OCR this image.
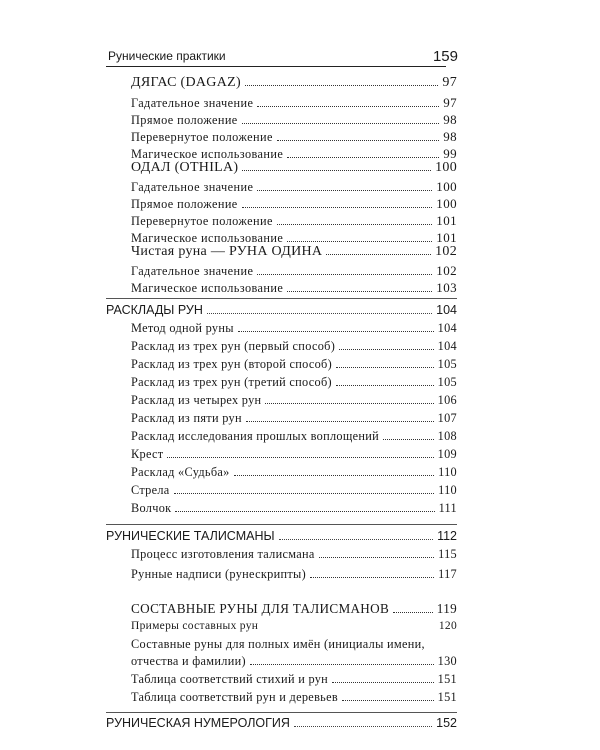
Рунические практики	159
ДЯГАС (DAGAZ)	97
Гадательное значение	97
Прямое положение	98
Перевернутое положение	98
Магическое использование	99
ОДАЛ (OTHILA)	100
Гадательное значение	100
Прямое положение	100
Перевернутое положение	101
Магическое использование	101
Чистая руна — РУНА ОДИНА	102
Гадательное значение	102
Магическое использование	103
РАСКЛАДЫ РУН	104
Метод одной руны	104
Расклад из трех рун (первый способ)	104
Расклад из трех рун (второй способ)	105
Расклад из трех рун (третий способ)	105
Расклад из четырех рун	106
Расклад из пяти рун	107
Расклад исследования прошлых воплощений	108
Крест	109
Расклад «Судьба»	110
Стрела	110
Волчок	111
РУНИЧЕСКИЕ ТАЛИСМАНЫ	112
Процесс изготовления талисмана	115
Рунные надписи (рунескрипты)	117
СОСТАВНЫЕ РУНЫ ДЛЯ ТАЛИСМАНОВ	119
Примеры составных рун	120
Составные руны для полных имён (инициалы имени,
отчества и фамилии)	130
Таблица соответствий стихий и рун	151
Таблица соответствий рун и деревьев	151
РУНИЧЕСКАЯ НУМЕРОЛОГИЯ	152
